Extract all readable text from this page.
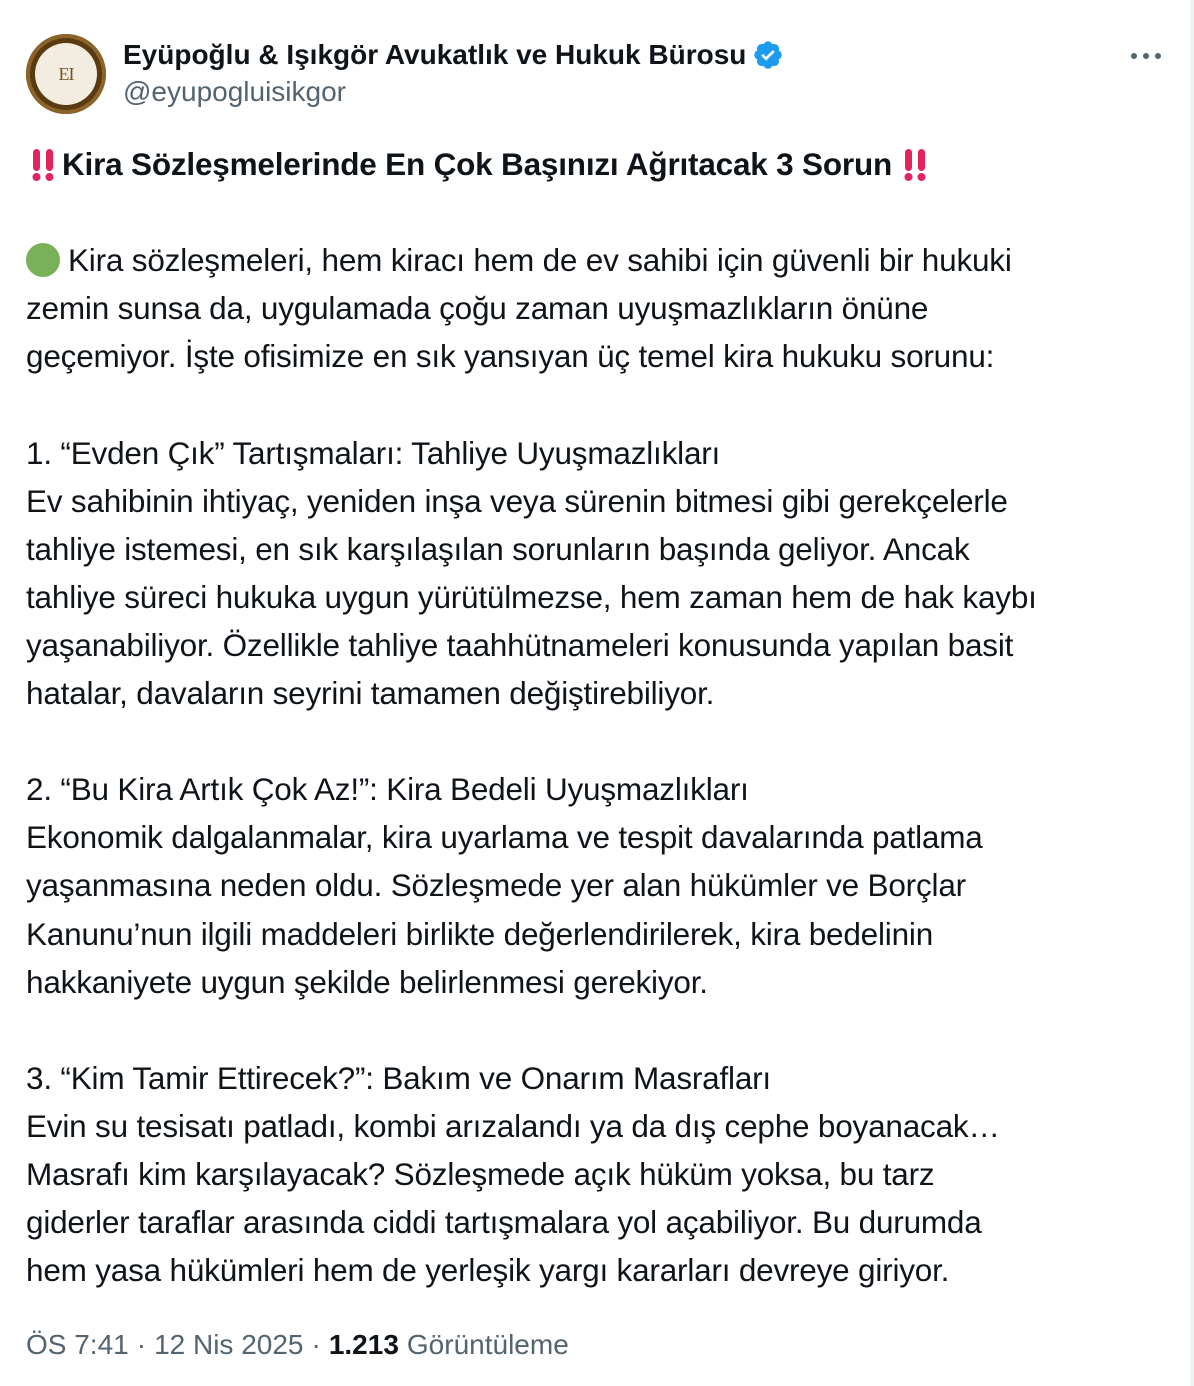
EI
Eyüpoğlu & Işıkgör Avukatlık ve Hukuk Bürosu
@eyupogluisikgor
Kira Sözleşmelerinde En Çok Başınızı Ağrıtacak 3 Sorun
Kira sözleşmeleri, hem kiracı hem de ev sahibi için güvenli bir hukuki
zemin sunsa da, uygulamada çoğu zaman uyuşmazlıkların önüne
geçemiyor. İşte ofisimize en sık yansıyan üç temel kira hukuku sorunu:
1. “Evden Çık” Tartışmaları: Tahliye Uyuşmazlıkları
Ev sahibinin ihtiyaç, yeniden inşa veya sürenin bitmesi gibi gerekçelerle
tahliye istemesi, en sık karşılaşılan sorunların başında geliyor. Ancak
tahliye süreci hukuka uygun yürütülmezse, hem zaman hem de hak kaybı
yaşanabiliyor. Özellikle tahliye taahhütnameleri konusunda yapılan basit
hatalar, davaların seyrini tamamen değiştirebiliyor.
2. “Bu Kira Artık Çok Az!”: Kira Bedeli Uyuşmazlıkları
Ekonomik dalgalanmalar, kira uyarlama ve tespit davalarında patlama
yaşanmasına neden oldu. Sözleşmede yer alan hükümler ve Borçlar
Kanunu’nun ilgili maddeleri birlikte değerlendirilerek, kira bedelinin
hakkaniyete uygun şekilde belirlenmesi gerekiyor.
3. “Kim Tamir Ettirecek?”: Bakım ve Onarım Masrafları
Evin su tesisatı patladı, kombi arızalandı ya da dış cephe boyanacak…
Masrafı kim karşılayacak? Sözleşmede açık hüküm yoksa, bu tarz
giderler taraflar arasında ciddi tartışmalara yol açabiliyor. Bu durumda
hem yasa hükümleri hem de yerleşik yargı kararları devreye giriyor.
ÖS 7:41 · 12 Nis 2025 · 1.213 Görüntüleme
